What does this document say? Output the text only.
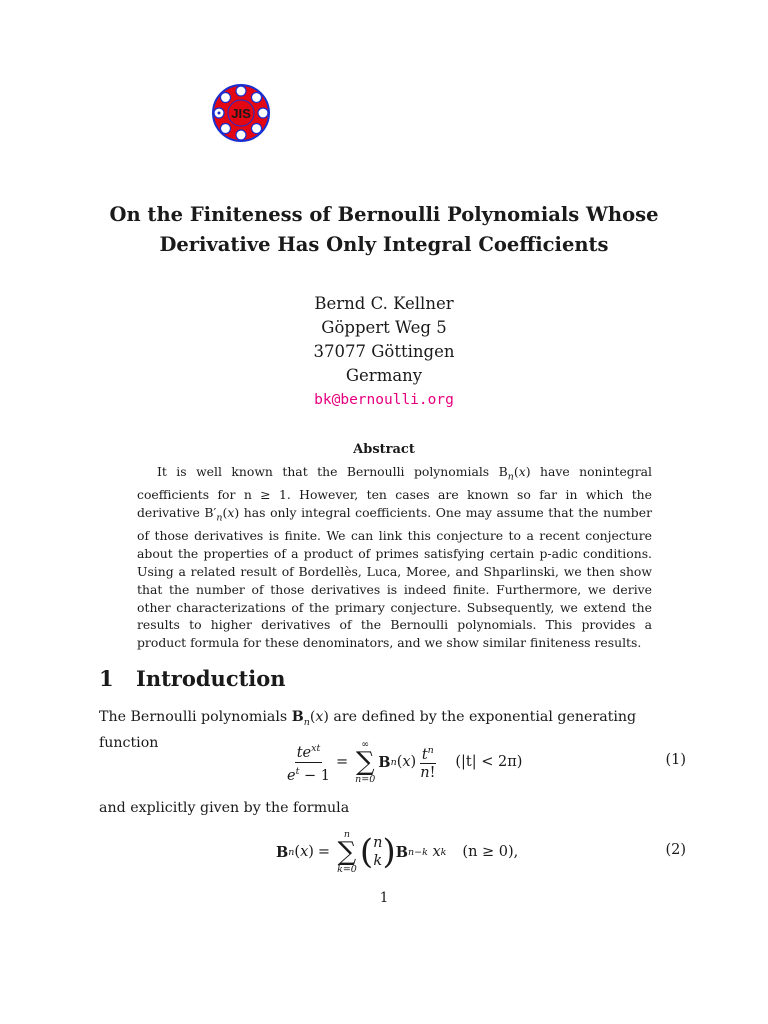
JIS
On the Finiteness of Bernoulli Polynomials Whose
Derivative Has Only Integral Coefficients
Bernd C. Kellner
Göppert Weg 5
37077 Göttingen
Germany
bk@bernoulli.org
Abstract

It is well known that the Bernoulli polynomials $B_n(x)$ have nonintegral coefficients for n ≥ 1. However, ten cases are known so far in which the derivative $B'_n(x)$ has only integral coefficients. One may assume that the number of those derivatives is finite. We can link this conjecture to a recent conjecture about the properties of a product of primes satisfying certain p-adic conditions. Using a related result of Bordellès, Luca, Moree, and Shparlinski, we then show that the number of those derivatives is indeed finite. Furthermore, we derive other characterizations of the primary conjecture. Subsequently, we extend the results to higher derivatives of the Bernoulli polynomials. This provides a product formula for these denominators, and we show similar finiteness results.

1 Introduction
The Bernoulli polynomials $B_n(x)$ are defined by the exponential generating function	$\frac{te^{xt}}{e^t - 1}$ =
∞
∑
n=0
B n ( x ) $\frac{t^n}{n!} (|t| < 2\pi)$	(1)
and explicitly given by the formula
B n ( x ) =
n
∑
k=0 ( n
k ) B n−k
x k (n ≥ 0),	(2)
1
